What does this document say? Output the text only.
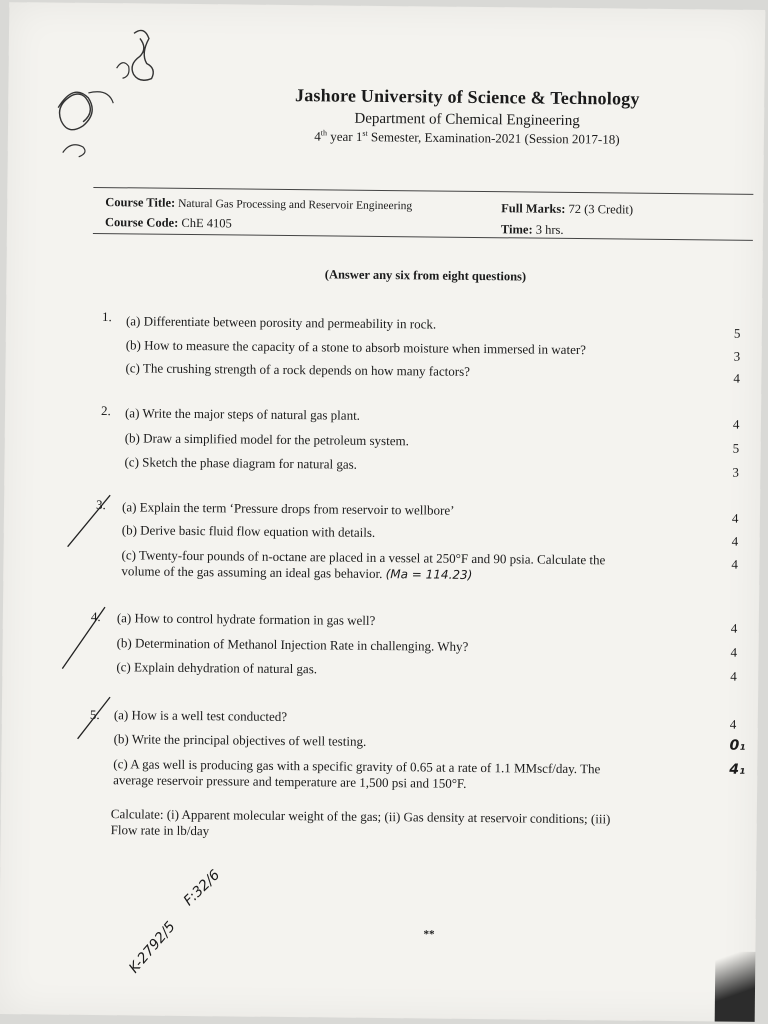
Jashore University of Science & Technology
Department of Chemical Engineering
4th year 1st Semester, Examination-2021 (Session 2017-18)
Course Title: Natural Gas Processing and Reservoir Engineering
Course Code: ChE 4105
Full Marks: 72 (3 Credit)
Time: 3 hrs.
(Answer any six from eight questions)
1. (a) Differentiate between porosity and permeability in rock.
5
(b) How to measure the capacity of a stone to absorb moisture when immersed in water?	3
(c) The crushing strength of a rock depends on how many factors?	4
2. (a) Write the major steps of natural gas plant.
4
(b) Draw a simplified model for the petroleum system.	5
(c) Sketch the phase diagram for natural gas.
3
3. (a) Explain the term ‘Pressure drops from reservoir to wellbore’
4
(b) Derive basic fluid flow equation with details.
4
(c) Twenty-four pounds of n-octane are placed in a vessel at 250°F and 90 psia. Calculate the
volume of the gas assuming an ideal gas behavior. (Ma = 114.23)
4
4. (a) How to control hydrate formation in gas well?
4
(b) Determination of Methanol Injection Rate in challenging. Why?	4
(c) Explain dehydration of natural gas.	4
5. (a) How is a well test conducted?
4
(b) Write the principal objectives of well testing.	0₁
(c) A gas well is producing gas with a specific gravity of 0.65 at a rate of 1.1 MMscf/day. The
average reservoir pressure and temperature are 1,500 psi and 150°F.
4₁
Calculate: (i) Apparent molecular weight of the gas; (ii) Gas density at reservoir conditions; (iii)
Flow rate in lb/day
F:32/6
K-2792/5	**
